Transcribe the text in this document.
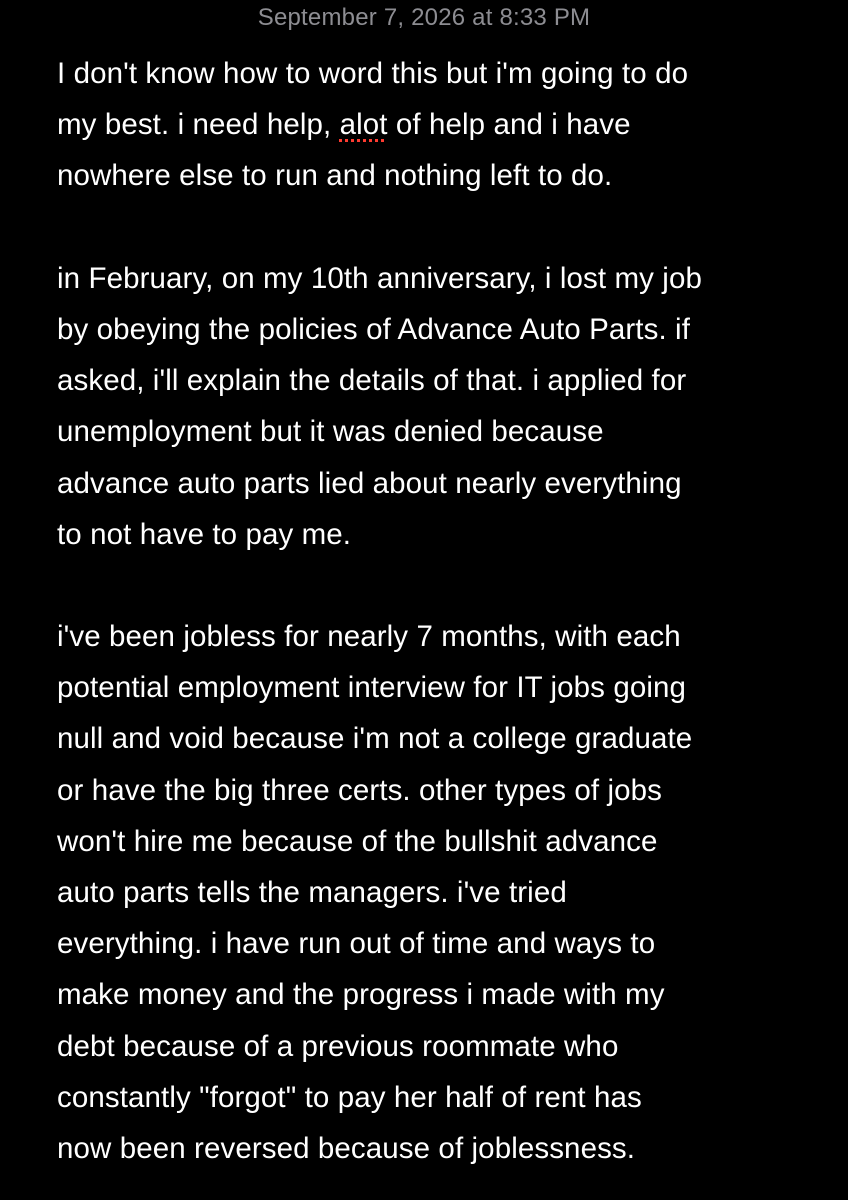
September 7, 2026 at 8:33 PM

I don't know how to word this but i'm going to do
my best. i need help, alot of help and i have
nowhere else to run and nothing left to do.

in February, on my 10th anniversary, i lost my job
by obeying the policies of Advance Auto Parts. if
asked, i'll explain the details of that. i applied for
unemployment but it was denied because
advance auto parts lied about nearly everything
to not have to pay me.

i've been jobless for nearly 7 months, with each
potential employment interview for IT jobs going
null and void because i'm not a college graduate
or have the big three certs. other types of jobs
won't hire me because of the bullshit advance
auto parts tells the managers. i've tried
everything. i have run out of time and ways to
make money and the progress i made with my
debt because of a previous roommate who
constantly "forgot" to pay her half of rent has
now been reversed because of joblessness.
